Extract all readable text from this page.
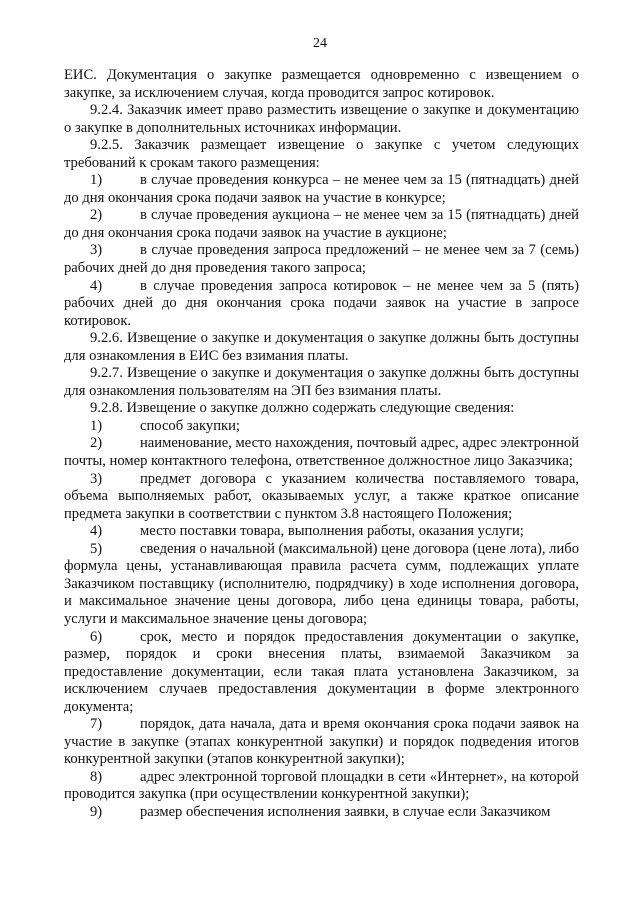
24

ЕИС. Документация о закупке размещается одновременно с извещением о закупке, за исключением случая, когда проводится запрос котировок.

9.2.4. Заказчик имеет право разместить извещение о закупке и документацию о закупке в дополнительных источниках информации.

9.2.5. Заказчик размещает извещение о закупке с учетом следующих требований к срокам такого размещения:

1)	в случае проведения конкурса – не менее чем за 15 (пятнадцать) дней до дня окончания срока подачи заявок на участие в конкурсе;

2)	в случае проведения аукциона – не менее чем за 15 (пятнадцать) дней до дня окончания срока подачи заявок на участие в аукционе;

3)	в случае проведения запроса предложений – не менее чем за 7 (семь) рабочих дней до дня проведения такого запроса;

4)	в случае проведения запроса котировок – не менее чем за 5 (пять) рабочих дней до дня окончания срока подачи заявок на участие в запросе котировок.

9.2.6. Извещение о закупке и документация о закупке должны быть доступны для ознакомления в ЕИС без взимания платы.

9.2.7. Извещение о закупке и документация о закупке должны быть доступны для ознакомления пользователям на ЭП без взимания платы.

9.2.8. Извещение о закупке должно содержать следующие сведения:

1)	способ закупки;

2)	наименование, место нахождения, почтовый адрес, адрес электронной почты, номер контактного телефона, ответственное должностное лицо Заказчика;

3)	предмет договора с указанием количества поставляемого товара, объема выполняемых работ, оказываемых услуг, а также краткое описание предмета закупки в соответствии с пунктом 3.8 настоящего Положения;

4)	место поставки товара, выполнения работы, оказания услуги;

5)	сведения о начальной (максимальной) цене договора (цене лота), либо формула цены, устанавливающая правила расчета сумм, подлежащих уплате Заказчиком поставщику (исполнителю, подрядчику) в ходе исполнения договора, и максимальное значение цены договора, либо цена единицы товара, работы, услуги и максимальное значение цены договора;

6)	срок, место и порядок предоставления документации о закупке, размер, порядок и сроки внесения платы, взимаемой Заказчиком за предоставление документации, если такая плата установлена Заказчиком, за исключением случаев предоставления документации в форме электронного документа;

7)	порядок, дата начала, дата и время окончания срока подачи заявок на участие в закупке (этапах конкурентной закупки) и порядок подведения итогов конкурентной закупки (этапов конкурентной закупки);

8)	адрес электронной торговой площадки в сети «Интернет», на которой проводится закупка (при осуществлении конкурентной закупки);

9)	размер обеспечения исполнения заявки, в случае если Заказчиком
